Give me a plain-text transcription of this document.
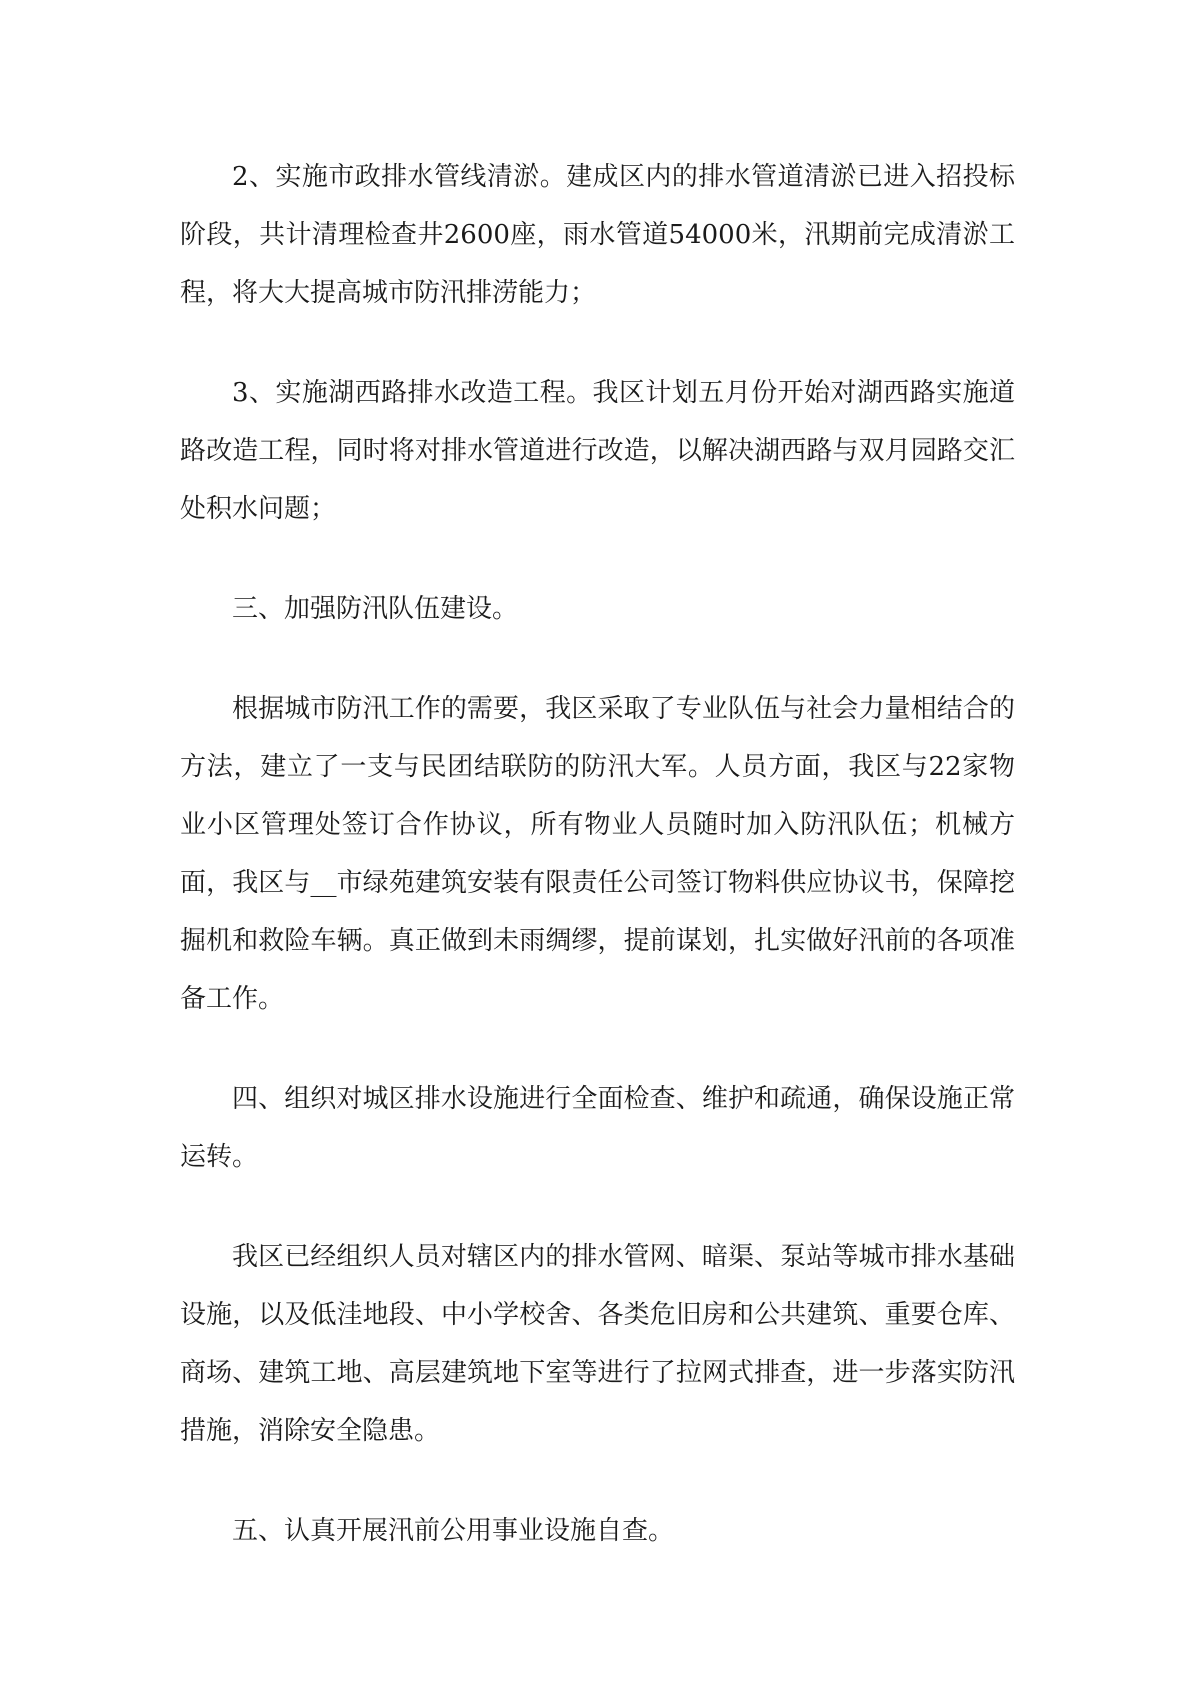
2、实施市政排水管线清淤。建成区内的排水管道清淤已进入招投标阶段，共计清理检查井2600座，雨水管道54000米，汛期前完成清淤工程，将大大提高城市防汛排涝能力；

3、实施湖西路排水改造工程。我区计划五月份开始对湖西路实施道路改造工程，同时将对排水管道进行改造，以解决湖西路与双月园路交汇处积水问题；

三、加强防汛队伍建设。

根据城市防汛工作的需要，我区采取了专业队伍与社会力量相结合的方法，建立了一支与民团结联防的防汛大军。人员方面，我区与22家物业小区管理处签订合作协议，所有物业人员随时加入防汛队伍；机械方面，我区与__市绿苑建筑安装有限责任公司签订物料供应协议书，保障挖掘机和救险车辆。真正做到未雨绸缪，提前谋划，扎实做好汛前的各项准备工作。

四、组织对城区排水设施进行全面检查、维护和疏通，确保设施正常运转。

我区已经组织人员对辖区内的排水管网、暗渠、泵站等城市排水基础设施，以及低洼地段、中小学校舍、各类危旧房和公共建筑、重要仓库、商场、建筑工地、高层建筑地下室等进行了拉网式排查，进一步落实防汛措施，消除安全隐患。

五、认真开展汛前公用事业设施自查。
